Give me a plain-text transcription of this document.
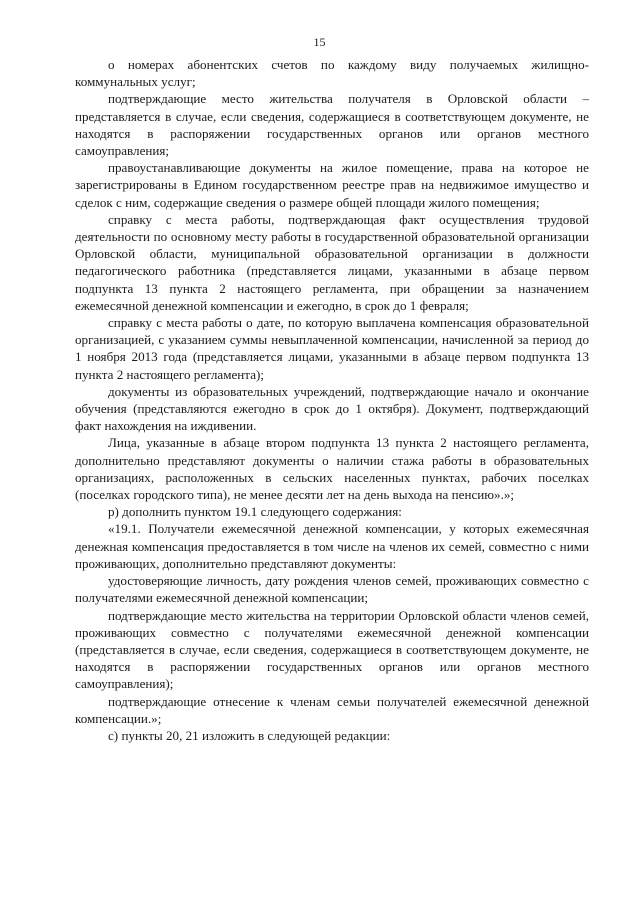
15

о номерах абонентских счетов по каждому виду получаемых жилищно-коммунальных услуг;

подтверждающие место жительства получателя в Орловской области – представляется в случае, если сведения, содержащиеся в соответствующем документе, не находятся в распоряжении государственных органов или органов местного самоуправления;

правоустанавливающие документы на жилое помещение, права на которое не зарегистрированы в Едином государственном реестре прав на недвижимое имущество и сделок с ним, содержащие сведения о размере общей площади жилого помещения;

справку с места работы, подтверждающая факт осуществления трудовой деятельности по основному месту работы в государственной образовательной организации Орловской области, муниципальной образовательной организации в должности педагогического работника (представляется лицами, указанными в абзаце первом подпункта 13 пункта 2 настоящего регламента, при обращении за назначением ежемесячной денежной компенсации и ежегодно, в срок до 1 февраля;

справку с места работы о дате, по которую выплачена компенсация образовательной организацией, с указанием суммы невыплаченной компенсации, начисленной за период до 1 ноября 2013 года (представляется лицами, указанными в абзаце первом подпункта 13 пункта 2 настоящего регламента);

документы из образовательных учреждений, подтверждающие начало и окончание обучения (представляются ежегодно в срок до 1 октября). Документ, подтверждающий факт нахождения на иждивении.

Лица, указанные в абзаце втором подпункта 13 пункта 2 настоящего регламента, дополнительно представляют документы о наличии стажа работы в образовательных организациях, расположенных в сельских населенных пунктах, рабочих поселках (поселках городского типа), не менее десяти лет на день выхода на пенсию».»;

р) дополнить пунктом 19.1 следующего содержания:

«19.1. Получатели ежемесячной денежной компенсации, у которых ежемесячная денежная компенсация предоставляется в том числе на членов их семей, совместно с ними проживающих, дополнительно представляют документы:

удостоверяющие личность, дату рождения членов семей, проживающих совместно с получателями ежемесячной денежной компенсации;

подтверждающие место жительства на территории Орловской области членов семей, проживающих совместно с получателями ежемесячной денежной компенсации (представляется в случае, если сведения, содержащиеся в соответствующем документе, не находятся в распоряжении государственных органов или органов местного самоуправления);

подтверждающие отнесение к членам семьи получателей ежемесячной денежной компенсации.»;

с) пункты 20, 21 изложить в следующей редакции:
